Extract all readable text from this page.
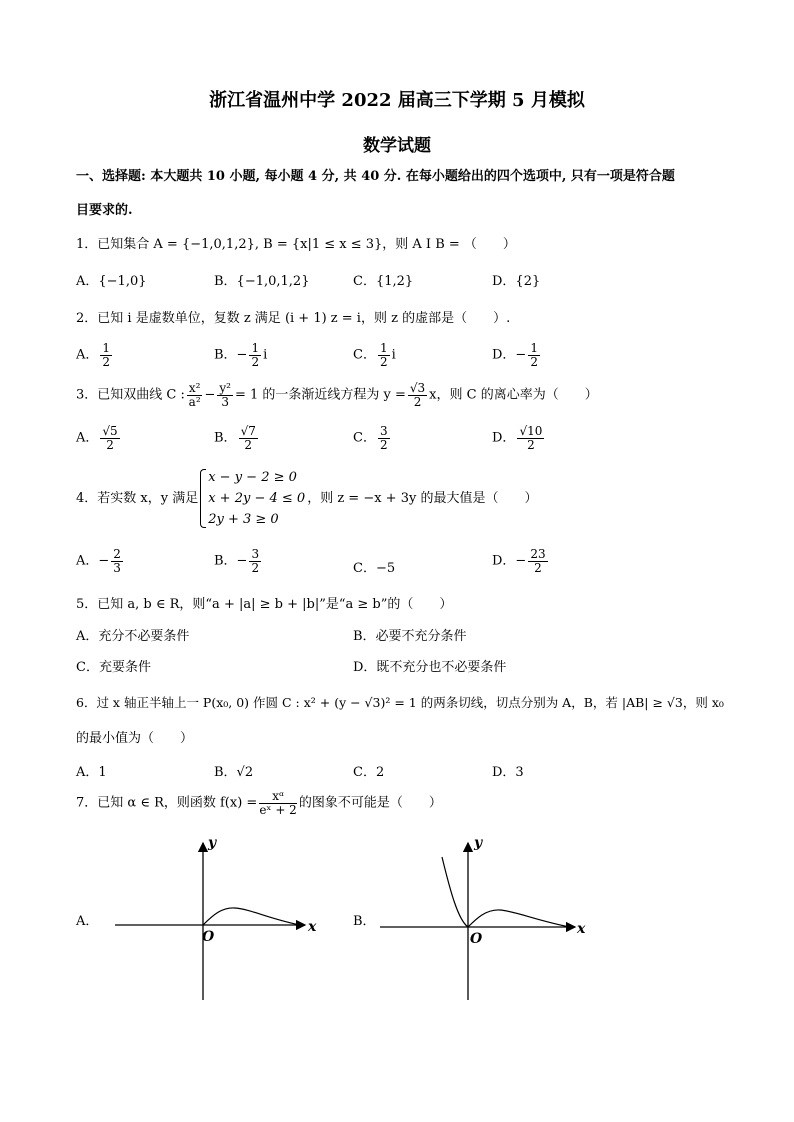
浙江省温州中学 2022 届高三下学期 5 月模拟
数学试题
一、选择题: 本大题共 10 小题, 每小题 4 分, 共 40 分. 在每小题给出的四个选项中, 只有一项是符合题
目要求的.
1．已知集合 A = {−1,0,1,2}, B = {x|1 ≤ x ≤ 3}，则 A I B = （　　）
A．{−1,0}	B．{−1,0,1,2}	C．{1,2}	D．{2}
2．已知 i 是虚数单位，复数 z 满足 (i + 1) z = i，则 z 的虚部是（　　）.
A． $\frac{1}{2}$	B．− $\frac{1}{2}$ i	C． $\frac{1}{2}$ i	D．− $\frac{1}{2}$
3．已知双曲线 C : $\frac{\text{x²}}{\text{a²}} - \frac{\text{y²}}{3} = 1$ 的一条渐近线方程为 $y = \frac{√3}{2}$ x，则 C 的离心率为（　　）
A． $\frac{√5}{2}$	B． $\frac{√7}{2}$	C． $\frac{3}{2}$	D． $\frac{√10}{2}$
4．若实数 x，y 满足
x − y − 2 ≥ 0
x + 2y − 4 ≤ 0
2y + 3 ≥ 0
，则 z = −x + 3y 的最大值是（　　）
A．− $\frac{2}{3}$	B．− $\frac{3}{2}$	C．−5	D．− $\frac{23}{2}$
5．已知 a, b ∈ R，则“a + |a| ≥ b + |b|”是“a ≥ b”的（　　）
A．充分不必要条件	B．必要不充分条件
C．充要条件	D．既不充分也不必要条件
6．过 x 轴正半轴上一 P(x₀, 0) 作圆 C : x² + (y − √3)² = 1 的两条切线，切点分别为 A，B，若 |AB| ≥ √3，则 x₀
的最小值为（　　）
A．1	B．√2	C．2	D．3
7．已知 α ∈ R，则函数 $f(x) = \frac{\text{xᵅ}}{\text{eˣ + 2}}$ 的图象不可能是（　　）
A．	B．
x
y
O	x
y
O
